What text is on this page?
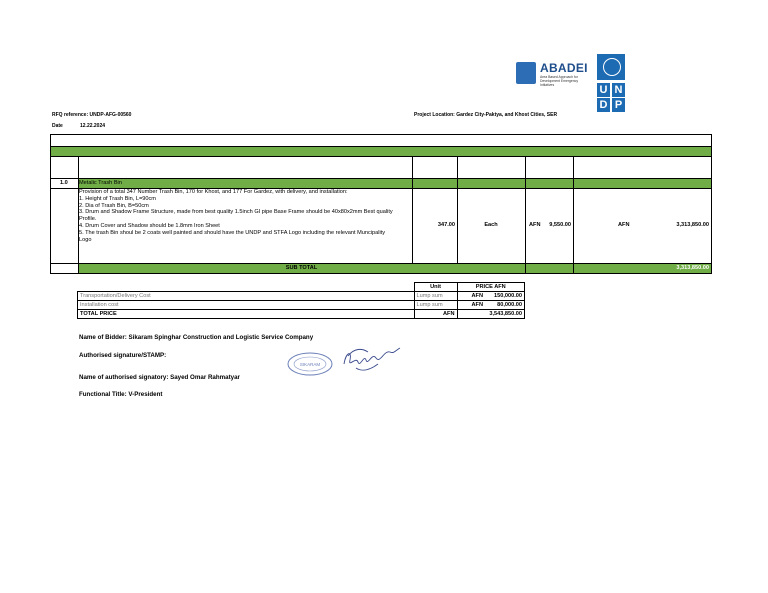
ABADEI
Area Based Approach for Development Emergency Initiatives	U N
D P
RFQ reference: UNDP-AFG-00560
Date	12.22.2024
Project Location: Gardez City-Paktya, and Khost Cities, SER
1.0 Metalic Trash Bin
Provision of a total 347 Number Trash Bin, 170 for Khost, and 177 For Gardez, with delivery, and installation:
1. Height of Trash Bin, L=90cm
2. Dia of Trash Bin, B=50cm
3. Drum and Shadow Frame Structure, made from best quality 1.5inch GI pipe Base Frame should be 40x80x2mm Best quality
Profile.
4. Drum Cover and Shadow should be 1.8mm Iron Sheet
5. The trash Bin shoul be 2 coats well painted and should have the UNDP and STFA Logo including the relevant Muncipality
Logo
347.00	Each	AFN	9,550.00	AFN	3,313,850.00
SUB TOTAL	3,313,850.00
	Unit	PRICE AFN
Transportation/Delivery Cost	Lump sum	AFN 150,000.00

Installation cost	Lump sum	AFN 80,000.00

TOTAL PRICE	AFN	3,543,850.00
Name of Bidder: Sikaram Spinghar Construction and Logistic Service Company
Authorised signature/STAMP:
Name of authorised signatory: Sayed Omar Rahmatyar
Functional Title: V-President
SIKARAM
